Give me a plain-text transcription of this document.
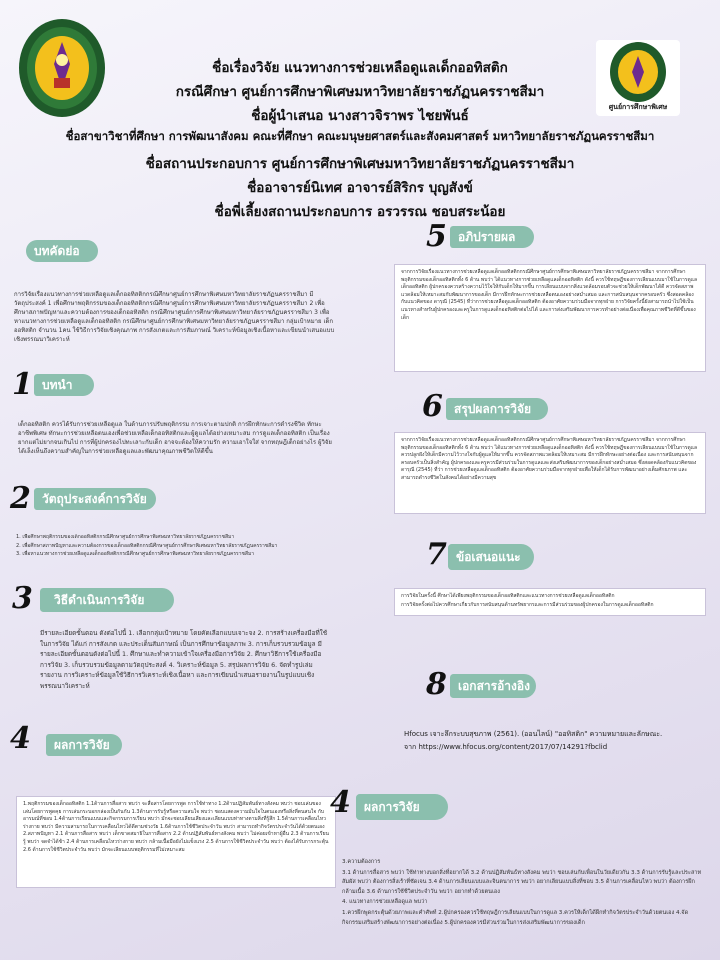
ศูนย์การศึกษาพิเศษ
ชื่อเรื่องวิจัย แนวทางการช่วยเหลือดูแลเด็กออทิสติก
กรณีศึกษา ศูนย์การศึกษาพิเศษมหาวิทยาลัยราชภัฏนครราชสีมา
ชื่อผู้นำเสนอ นางสาวจิราพร ไชยพันธ์
ชื่อสาขาวิชาที่ศึกษา การพัฒนาสังคม คณะที่ศึกษา คณะมนุษยศาสตร์และสังคมศาสตร์ มหาวิทยาลัยราชภัฏนครราชสีมา
ชื่อสถานประกอบการ ศูนย์การศึกษาพิเศษมหาวิทยาลัยราชภัฏนครราชสีมา
ชื่ออาจารย์นิเทศ อาจารย์สิริกร บุญสังข์
ชื่อพี่เลี้ยงสถานประกอบการ อรวรรณ ชอบสระน้อย
บทคัดย่อ
การวิจัยเรื่องแนวทางการช่วยเหลือดูแลเด็กออทิสติกกรณีศึกษาศูนย์การศึกษาพิเศษมหาวิทยาลัยราชภัฏนครราชสีมา มีวัตถุประสงค์ 1 เพื่อศึกษาพฤติกรรมของเด็กออทิสติกกรณีศึกษาศูนย์การศึกษาพิเศษมหาวิทยาลัยราชภัฏนครราชสีมา 2 เพื่อศึกษาสภาพปัญหาและความต้องการของเด็กออทิสติก กรณีศึกษาศูนย์การศึกษาพิเศษมหาวิทยาลัยราชภัฏนครราชสีมา 3 เพื่อหาแนวทางการช่วยเหลือดูแลเด็กออทิสติก กรณีศึกษาศูนย์การศึกษาพิเศษมหาวิทยาลัยราชภัฏนครราชสีมา กลุ่มเป้าหมาย เด็กออทิสติก จำนวน 1คน ใช้วิธีการวิจัยเชิงคุณภาพ การสังเกตและการสัมภาษณ์ วิเคราะห์ข้อมูลเชิงเนื้อหาและเขียนนำเสนอแบบเชิงพรรณนาวิเคราะห์
1 บทนำ
เด็กออทิสติก ควรได้รับการช่วยเหลือดูแล ในด้านการปรับพฤติกรรม การเจาะตามปกติ การฝึกทักษะการดำรงชีวิต ทักษะอาชีพพิเศษ ทักษะการช่วยเหลือตนเองเพื่อช่วยเหลือเด็กออทิสติกและผู้ดูแลได้อย่างเหมาะสม การดูแลเด็กออทิสติก เป็นเรื่องยากแต่ไม่ยากจนเกินไป การที่ผู้ปกครองไปทะเลาะกับเด็ก อาจจะต้องให้ความรัก ความเอาใจใส่ จากทฤษฎีเด็กอย่างไร ผู้วิจัยได้เล็งเห็นถึงความสำคัญในการช่วยเหลือดูแลและพัฒนาคุณภาพชีวิตให้ดีขึ้น
2 วัตถุประสงค์การวิจัย
1. เพื่อศึกษาพฤติกรรมของเด็กออทิสติกกรณีศึกษาศูนย์การศึกษาพิเศษมหาวิทยาลัยราชภัฏนครราชสีมา
2. เพื่อศึกษาสภาพปัญหาและความต้องการของเด็กออทิสติกกรณีศึกษาศูนย์การศึกษาพิเศษมหาวิทยาลัยราชภัฏนครราชสีมา
3. เพื่อหาแนวทางการช่วยเหลือดูแลเด็กออทิสติกกรณีศึกษาศูนย์การศึกษาพิเศษมหาวิทยาลัยราชภัฏนครราชสีมา
3	วิธีดำเนินการวิจัย
มีรายละเอียดขั้นตอน ดังต่อไปนี้ 1. เลือกกลุ่มเป้าหมาย โดยคัดเลือกแบบเจาะจง 2. การสร้างเครื่องมือที่ใช้ในการวิจัย ได้แก่ การสังเกต และประเด็นสัมภาษณ์ เป็นการศึกษาข้อมูลภาพ 3. การเก็บรวบรวมข้อมูล มีรายละเอียดขั้นตอนดังต่อไปนี้ 1. ศึกษาและทำความเข้าใจเครื่องมือการวิจัย 2. ศึกษาวิธีการใช้เครื่องมือการวิจัย 3. เก็บรวบรวมข้อมูลตามวัตถุประสงค์ 4. วิเคราะห์ข้อมูล 5. สรุปผลการวิจัย 6. จัดทำรูปเล่มรายงาน การวิเคราะห์ข้อมูลใช้วิธีการวิเคราะห์เชิงเนื้อหา และการเขียนนำเสนอรายงานในรูปแบบเชิงพรรณนาวิเคราะห์
4	ผลการวิจัย
1.พฤติกรรมของเด็กออทิสติก 1.1ด้านการสื่อสาร พบว่า จะสื่อสารโดยการพูด การใช้ท่าทาง 1.2ด้านปฏิสัมพันธ์ทางสังคม พบว่า ชอบเล่นของเล่นโดยการพูดคุย การเล่นกระบอกกล่องเป็นกันกัน 1.3ด้านการรับรู้หรือความสนใจ พบว่า ชอบแสดงความมั่นใจในตนเองหรือสิ่งที่ตนสนใจ กับอารมณ์ที่ชอบ 1.4ด้านการเรียนแบบและกิจกรรมการเรียน พบว่า มักจะชอบเลียนเสียงและเลียนแบบท่าทางตามสิ่งที่รู้สึก 1.5ด้านการเคลื่อนไหวร่างกาย พบว่า มีความสามารถในการเคลื่อนไหวได้ดีตามช่วงวัย 1.6ด้านการใช้ชีวิตประจำวัน พบว่า สามารถทำกิจวัตรประจำวันได้ด้วยตนเอง 2.สภาพปัญหา 2.1 ด้านการสื่อสาร พบว่า เด็กขาดสมาธิในการสื่อสาร 2.2 ด้านปฏิสัมพันธ์ทางสังคม พบว่า ไม่ค่อยเข้าหาผู้อื่น 2.3 ด้านการเรียนรู้ พบว่า จดจำได้ช้า 2.4 ด้านการเคลื่อนไหวร่างกาย พบว่า กล้ามเนื้อมือยังไม่แข็งแรง 2.5 ด้านการใช้ชีวิตประจำวัน พบว่า ต้องได้รับการกระตุ้น 2.6 ด้านการใช้ชีวิตประจำวัน พบว่า มักจะเลียนแบบพฤติกรรมที่ไม่เหมาะสม
5 อภิปรายผล
จากการวิจัยเรื่องแนวทางการช่วยเหลือดูแลเด็กออทิสติกกรณีศึกษาศูนย์การศึกษาพิเศษมหาวิทยาลัยราชภัฏนครราชสีมา จากการศึกษาพฤติกรรมของเด็กออทิสติกทั้ง 6 ด้าน พบว่า ได้แนวทางการช่วยเหลือดูแลเด็กออทิสติก ดังนี้ ควรใช้ทฤษฎีของการเลียนแบบมาใช้ในการดูแลเด็กออทิสติก ผู้ปกครองควรสร้างความไว้ใจให้กับเด็กให้มากขึ้น การเลียนแบบจากสิ่งแวดล้อมรอบตัวจะช่วยให้เด็กพัฒนาได้ดี ควรจัดสภาพแวดล้อมให้เหมาะสมกับพัฒนาการของเด็ก มีการฝึกทักษะการช่วยเหลือตนเองอย่างสม่ำเสมอ และการสนับสนุนจากครอบครัว ซึ่งสอดคล้องกับแนวคิดของ ดารุณี (2545) ที่ว่าการช่วยเหลือดูแลเด็กออทิสติก ต้องอาศัยความร่วมมือจากทุกฝ่าย การวิจัยครั้งนี้ยังสามารถนำไปใช้เป็นแนวทางสำหรับผู้ปกครองและครูในการดูแลเด็กออทิสติกต่อไปได้ และการส่งเสริมพัฒนาการควรทำอย่างต่อเนื่องเพื่อคุณภาพชีวิตที่ดีขึ้นของเด็ก
6 สรุปผลการวิจัย
จากการวิจัยเรื่องแนวทางการช่วยเหลือดูแลเด็กออทิสติกกรณีศึกษาศูนย์การศึกษาพิเศษมหาวิทยาลัยราชภัฏนครราชสีมา จากการศึกษา พฤติกรรมของเด็กออทิสติกทั้ง 6 ด้าน พบว่า ได้แนวทางการช่วยเหลือดูแลเด็กออทิสติก ดังนี้ ควรใช้ทฤษฎีของการเลียนแบบมาใช้ในการดูแล ควรปลูกฝังให้เด็กมีความไว้วางใจกับผู้ดูแลให้มากขึ้น ควรจัดสภาพแวดล้อมให้เหมาะสม มีการฝึกทักษะอย่างต่อเนื่อง และการสนับสนุนจากครอบครัวเป็นสิ่งสำคัญ ผู้ปกครองและครูควรมีส่วนร่วมในการดูแลและส่งเสริมพัฒนาการของเด็กอย่างสม่ำเสมอ ซึ่งสอดคล้องกับแนวคิดของ ดารุณี (2545) ที่ว่า การช่วยเหลือดูแลเด็กออทิสติก ต้องอาศัยความร่วมมือจากทุกฝ่ายเพื่อให้เด็กได้รับการพัฒนาอย่างเต็มศักยภาพ และสามารถดำรงชีวิตในสังคมได้อย่างมีความสุข
7 ข้อเสนอแนะ
การวิจัยในครั้งนี้ ศึกษาได้เพียงพฤติกรรมของเด็กออทิสติกและแนวทางการช่วยเหลือดูแลเด็กออทิสติก
การวิจัยครั้งต่อไปควรศึกษาเกี่ยวกับการสนับสนุนด้านทรัพยากรและการมีส่วนร่วมของผู้ปกครองในการดูแลเด็กออทิสติก
8 เอกสารอ้างอิง
Hfocus เจาะลึกระบบสุขภาพ (2561). (ออนไลน์) "ออทิสติก" ความหมายและลักษณะ.
จาก https://www.hfocus.org/content/2017/07/14291?fbclid
4	ผลการวิจัย
3.ความต้องการ
3.1 ด้านการสื่อสาร พบว่า ใช้ท่าทางบอกสิ่งที่อยากได้ 3.2 ด้านปฏิสัมพันธ์ทางสังคม พบว่า ชอบเล่นกับเพื่อนในวัยเดียวกัน 3.3 ด้านการรับรู้และประสาทสัมผัส พบว่า ต้องการสิ่งเร้าที่ชัดเจน 3.4 ด้านการเลียนแบบและจินตนาการ พบว่า อยากเลียนแบบสิ่งที่ชอบ 3.5 ด้านการเคลื่อนไหว พบว่า ต้องการฝึกกล้ามเนื้อ 3.6 ด้านการใช้ชีวิตประจำวัน พบว่า อยากทำด้วยตนเอง
4. แนวทางการช่วยเหลือดูแล พบว่า
1.ควรฝึกพูดกระตุ้นด้วยภาพและคำศัพท์ 2.ผู้ปกครองควรใช้ทฤษฎีการเลียนแบบในการดูแล 3.ควรให้เด็กได้ฝึกทำกิจวัตรประจำวันด้วยตนเอง 4.จัดกิจกรรมเสริมสร้างพัฒนาการอย่างต่อเนื่อง 5.ผู้ปกครองควรมีส่วนร่วมในการส่งเสริมพัฒนาการของเด็ก
